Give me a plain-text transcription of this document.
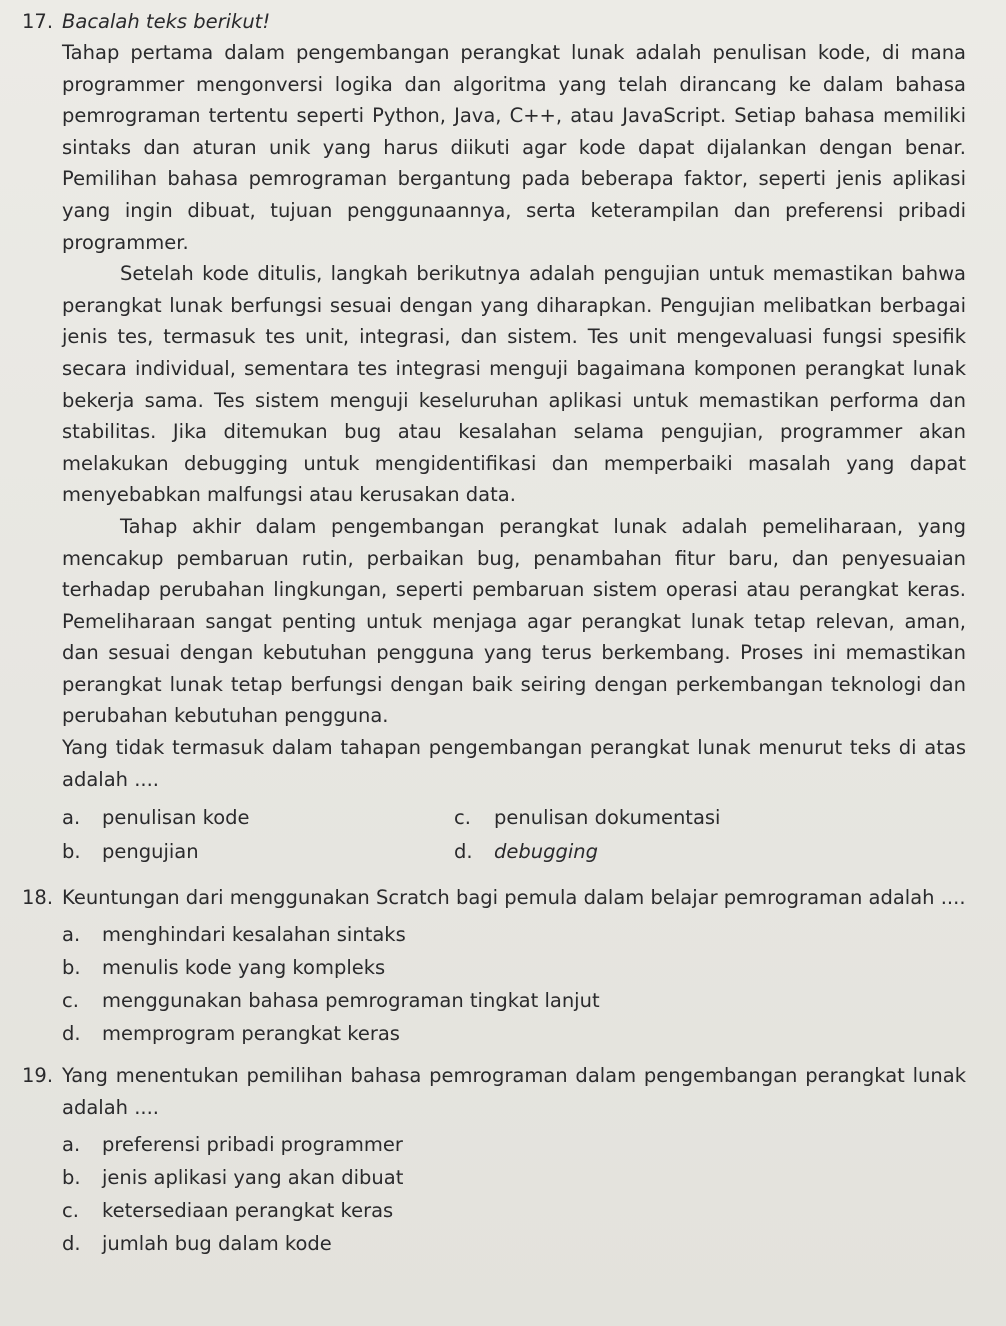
17. Bacalah teks berikut!

Tahap pertama dalam pengembangan perangkat lunak adalah penulisan kode, di mana programmer mengonversi logika dan algoritma yang telah dirancang ke dalam bahasa pemrograman tertentu seperti Python, Java, C++, atau JavaScript. Setiap bahasa memiliki sintaks dan aturan unik yang harus diikuti agar kode dapat dijalankan dengan benar. Pemilihan bahasa pemrograman bergantung pada beberapa faktor, seperti jenis aplikasi yang ingin dibuat, tujuan penggunaannya, serta keterampilan dan preferensi pribadi programmer.

Setelah kode ditulis, langkah berikutnya adalah pengujian untuk memastikan bahwa perangkat lunak berfungsi sesuai dengan yang diharapkan. Pengujian melibatkan berbagai jenis tes, termasuk tes unit, integrasi, dan sistem. Tes unit mengevaluasi fungsi spesifik secara individual, sementara tes integrasi menguji bagaimana komponen perangkat lunak bekerja sama. Tes sistem menguji keseluruhan aplikasi untuk memastikan performa dan stabilitas. Jika ditemukan bug atau kesalahan selama pengujian, programmer akan melakukan debugging untuk mengidentifikasi dan memperbaiki masalah yang dapat menyebabkan malfungsi atau kerusakan data.

Tahap akhir dalam pengembangan perangkat lunak adalah pemeliharaan, yang mencakup pembaruan rutin, perbaikan bug, penambahan fitur baru, dan penyesuaian terhadap perubahan lingkungan, seperti pembaruan sistem operasi atau perangkat keras. Pemeliharaan sangat penting untuk menjaga agar perangkat lunak tetap relevan, aman, dan sesuai dengan kebutuhan pengguna yang terus berkembang. Proses ini memastikan perangkat lunak tetap berfungsi dengan baik seiring dengan perkembangan teknologi dan perubahan kebutuhan pengguna.

Yang tidak termasuk dalam tahapan pengembangan perangkat lunak menurut teks di atas adalah ....

a.	penulisan kode	c.	penulisan dokumentasi
b.	pengujian	d.	debugging
18. Keuntungan dari menggunakan Scratch bagi pemula dalam belajar pemrograman adalah ....

a.	menghindari kesalahan sintaks
b.	menulis kode yang kompleks
c.	menggunakan bahasa pemrograman tingkat lanjut
d.	memprogram perangkat keras
19. Yang menentukan pemilihan bahasa pemrograman dalam pengembangan perangkat lunak adalah ....

a.	preferensi pribadi programmer
b.	jenis aplikasi yang akan dibuat
c.	ketersediaan perangkat keras
d.	jumlah bug dalam kode
